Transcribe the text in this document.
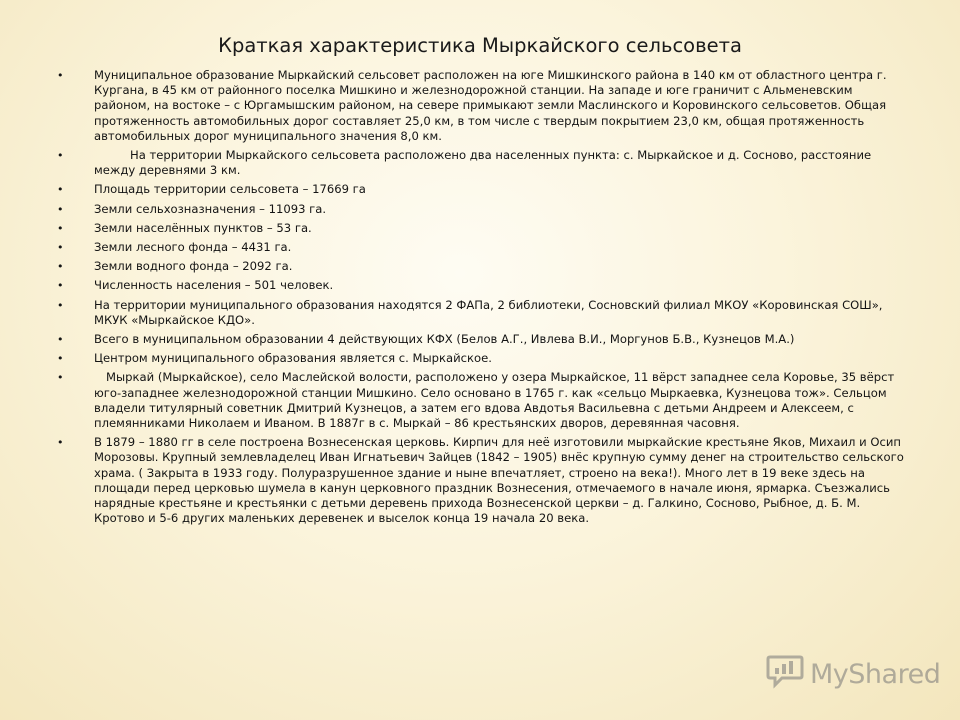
Краткая характеристика Мыркайского сельсовета
•	Муниципальное образование Мыркайский сельсовет расположен на юге Мишкинского района в 140 км от областного центра г. Кургана, в 45 км от районного поселка Мишкино и железнодорожной станции. На западе и юге граничит с Альменевским районом, на востоке – с Юргамышским районом, на севере примыкают земли Маслинского и Коровинского сельсоветов. Общая протяженность автомобильных дорог составляет 25,0 км, в том числе с твердым покрытием 23,0 км, общая протяженность автомобильных дорог муниципального значения 8,0 км.
•	На территории Мыркайского сельсовета расположено два населенных пункта: с. Мыркайское и д. Сосново, расстояние между деревнями 3 км.
•	Площадь территории сельсовета – 17669 га
•	Земли сельхозназначения – 11093 га.
•	Земли населённых пунктов – 53 га.
•	Земли лесного фонда – 4431 га.
•	Земли водного фонда – 2092 га.
•	Численность населения – 501 человек.
•	На территории муниципального образования находятся 2 ФАПа, 2 библиотеки, Сосновский филиал МКОУ «Коровинская СОШ», МКУК «Мыркайское КДО».
•	Всего в муниципальном образовании 4 действующих КФХ (Белов А.Г., Ивлева В.И., Моргунов Б.В., Кузнецов М.А.)
•	Центром муниципального образования является с. Мыркайское.
•	Мыркай (Мыркайское), село Маслейской волости, расположено у озера Мыркайское, 11 вёрст западнее села Коровье, 35 вёрст юго-западнее железнодорожной станции Мишкино. Село основано в 1765 г. как «сельцо Мыркаевка, Кузнецова тож». Сельцом владели титулярный советник Дмитрий Кузнецов, а затем его вдова Авдотья Васильевна с детьми Андреем и Алексеем, с племянниками Николаем и Иваном. В 1887г в с. Мыркай – 86 крестьянских дворов, деревянная часовня.
•	В 1879 – 1880 гг в селе построена Вознесенская церковь. Кирпич для неё изготовили мыркайские крестьяне Яков, Михаил и Осип Морозовы. Крупный землевладелец Иван Игнатьевич Зайцев (1842 – 1905) внёс крупную сумму денег на строительство сельского храма. ( Закрыта в 1933 году. Полуразрушенное здание и ныне впечатляет, строено на века!). Много лет в 19 веке здесь на площади перед церковью шумела в канун церковного праздник Вознесения, отмечаемого в начале июня, ярмарка. Съезжались нарядные крестьяне и крестьянки с детьми деревень прихода Вознесенской церкви – д. Галкино, Сосново, Рыбное, д. Б. М. Кротово и 5-6 других маленьких деревенек и выселок конца 19 начала 20 века.
MyShared
